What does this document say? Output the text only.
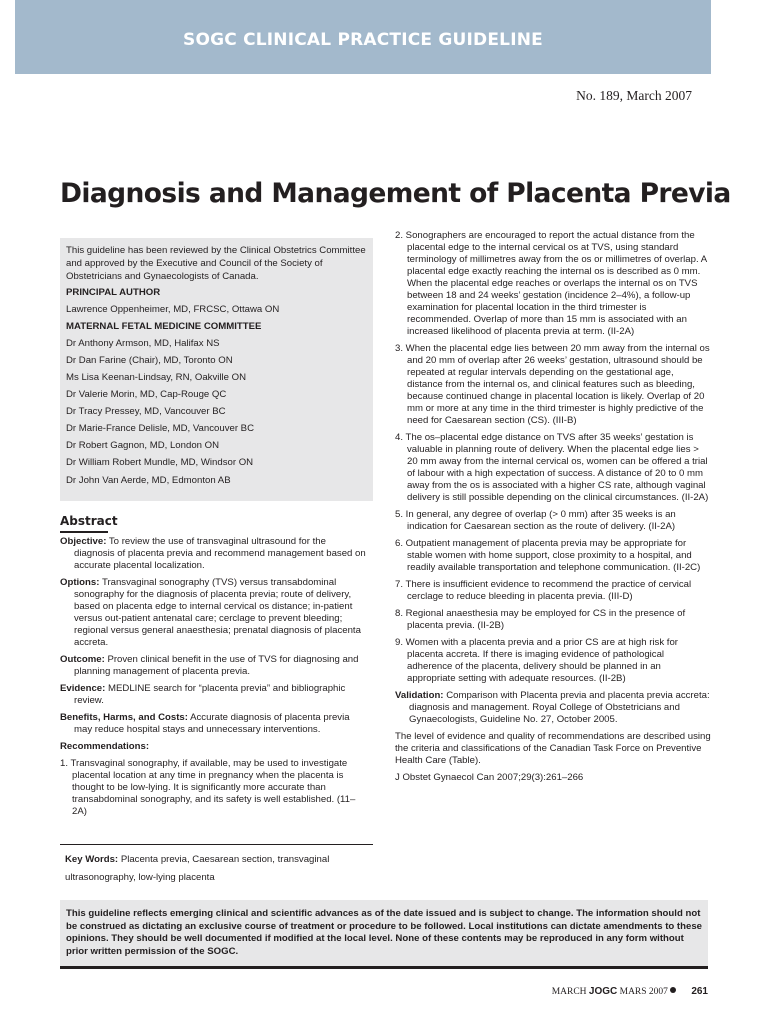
SOGC CLINICAL PRACTICE GUIDELINE
No. 189, March 2007
Diagnosis and Management of Placenta Previa

This guideline has been reviewed by the Clinical Obstetrics Committee and approved by the Executive and Council of the Society of Obstetricians and Gynaecologists of Canada.

PRINCIPAL AUTHOR

Lawrence Oppenheimer, MD, FRCSC, Ottawa ON

MATERNAL FETAL MEDICINE COMMITTEE

Dr Anthony Armson, MD, Halifax NS

Dr Dan Farine (Chair), MD, Toronto ON

Ms Lisa Keenan-Lindsay, RN, Oakville ON

Dr Valerie Morin, MD, Cap-Rouge QC

Dr Tracy Pressey, MD, Vancouver BC

Dr Marie-France Delisle, MD, Vancouver BC

Dr Robert Gagnon, MD, London ON

Dr William Robert Mundle, MD, Windsor ON

Dr John Van Aerde, MD, Edmonton AB

Abstract

Objective: To review the use of transvaginal ultrasound for the diagnosis of placenta previa and recommend management based on accurate placental localization.

Options: Transvaginal sonography (TVS) versus transabdominal sonography for the diagnosis of placenta previa; route of delivery, based on placenta edge to internal cervical os distance; in-patient versus out-patient antenatal care; cerclage to prevent bleeding; regional versus general anaesthesia; prenatal diagnosis of placenta accreta.

Outcome: Proven clinical benefit in the use of TVS for diagnosing and planning management of placenta previa.

Evidence: MEDLINE search for “placenta previa” and bibliographic review.

Benefits, Harms, and Costs: Accurate diagnosis of placenta previa may reduce hospital stays and unnecessary interventions.

Recommendations:

1. Transvaginal sonography, if available, may be used to investigate placental location at any time in pregnancy when the placenta is thought to be low-lying. It is significantly more accurate than transabdominal sonography, and its safety is well established. (11–2A)

Key Words: Placenta previa, Caesarean section, transvaginal ultrasonography, low-lying placenta

2. Sonographers are encouraged to report the actual distance from the placental edge to the internal cervical os at TVS, using standard terminology of millimetres away from the os or millimetres of overlap. A placental edge exactly reaching the internal os is described as 0 mm. When the placental edge reaches or overlaps the internal os on TVS between 18 and 24 weeks’ gestation (incidence 2–4%), a follow-up examination for placental location in the third trimester is recommended. Overlap of more than 15 mm is associated with an increased likelihood of placenta previa at term. (II-2A)

3. When the placental edge lies between 20 mm away from the internal os and 20 mm of overlap after 26 weeks’ gestation, ultrasound should be repeated at regular intervals depending on the gestational age, distance from the internal os, and clinical features such as bleeding, because continued change in placental location is likely. Overlap of 20 mm or more at any time in the third trimester is highly predictive of the need for Caesarean section (CS). (III-B)

4. The os–placental edge distance on TVS after 35 weeks’ gestation is valuable in planning route of delivery. When the placental edge lies > 20 mm away from the internal cervical os, women can be offered a trial of labour with a high expectation of success. A distance of 20 to 0 mm away from the os is associated with a higher CS rate, although vaginal delivery is still possible depending on the clinical circumstances. (II-2A)

5. In general, any degree of overlap (> 0 mm) after 35 weeks is an indication for Caesarean section as the route of delivery. (II-2A)

6. Outpatient management of placenta previa may be appropriate for stable women with home support, close proximity to a hospital, and readily available transportation and telephone communication. (II-2C)

7. There is insufficient evidence to recommend the practice of cervical cerclage to reduce bleeding in placenta previa. (III-D)

8. Regional anaesthesia may be employed for CS in the presence of placenta previa. (II-2B)

9. Women with a placenta previa and a prior CS are at high risk for placenta accreta. If there is imaging evidence of pathological adherence of the placenta, delivery should be planned in an appropriate setting with adequate resources. (II-2B)

Validation: Comparison with Placenta previa and placenta previa accreta: diagnosis and management. Royal College of Obstetricians and Gynaecologists, Guideline No. 27, October 2005.

The level of evidence and quality of recommendations are described using the criteria and classifications of the Canadian Task Force on Preventive Health Care (Table).

J Obstet Gynaecol Can 2007;29(3):261–266

This guideline reflects emerging clinical and scientific advances as of the date issued and is subject to change. The information should not be construed as dictating an exclusive course of treatment or procedure to be followed. Local institutions can dictate amendments to these opinions. They should be well documented if modified at the local level. None of these contents may be reproduced in any form without prior written permission of the SOGC.
MARCH JOGC MARS 2007 261
